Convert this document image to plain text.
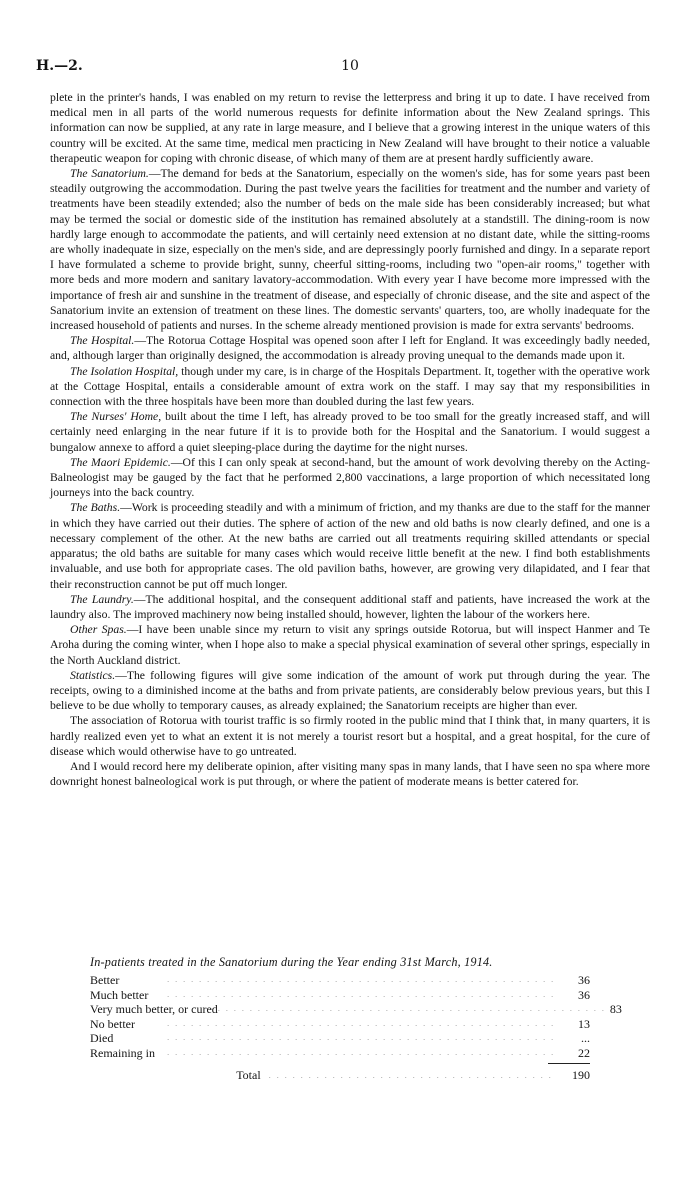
H.—2.	10

plete in the printer's hands, I was enabled on my return to revise the letterpress and bring it up to date. I have received from medical men in all parts of the world numerous requests for definite information about the New Zealand springs. This information can now be supplied, at any rate in large measure, and I believe that a growing interest in the unique waters of this country will be excited. At the same time, medical men practicing in New Zealand will have brought to their notice a valuable therapeutic weapon for coping with chronic disease, of which many of them are at present hardly sufficiently aware.

The Sanatorium.—The demand for beds at the Sanatorium, especially on the women's side, has for some years past been steadily outgrowing the accommodation. During the past twelve years the facilities for treatment and the number and variety of treatments have been steadily extended; also the number of beds on the male side has been considerably increased; but what may be termed the social or domestic side of the institution has remained absolutely at a standstill. The dining-room is now hardly large enough to accommodate the patients, and will certainly need extension at no distant date, while the sitting-rooms are wholly inadequate in size, especially on the men's side, and are depressingly poorly furnished and dingy. In a separate report I have formulated a scheme to provide bright, sunny, cheerful sitting-rooms, including two "open-air rooms," together with more beds and more modern and sanitary lavatory-accommodation. With every year I have become more impressed with the importance of fresh air and sunshine in the treatment of disease, and especially of chronic disease, and the site and aspect of the Sanatorium invite an extension of treatment on these lines. The domestic servants' quarters, too, are wholly inadequate for the increased household of patients and nurses. In the scheme already mentioned provision is made for extra servants' bedrooms.

The Hospital.—The Rotorua Cottage Hospital was opened soon after I left for England. It was exceedingly badly needed, and, although larger than originally designed, the accommodation is already proving unequal to the demands made upon it.

The Isolation Hospital, though under my care, is in charge of the Hospitals Department. It, together with the operative work at the Cottage Hospital, entails a considerable amount of extra work on the staff. I may say that my responsibilities in connection with the three hospitals have been more than doubled during the last few years.

The Nurses' Home, built about the time I left, has already proved to be too small for the greatly increased staff, and will certainly need enlarging in the near future if it is to provide both for the Hospital and the Sanatorium. I would suggest a bungalow annexe to afford a quiet sleeping-place during the daytime for the night nurses.

The Maori Epidemic.—Of this I can only speak at second-hand, but the amount of work devolving thereby on the Acting-Balneologist may be gauged by the fact that he performed 2,800 vaccinations, a large proportion of which necessitated long journeys into the back country.

The Baths.—Work is proceeding steadily and with a minimum of friction, and my thanks are due to the staff for the manner in which they have carried out their duties. The sphere of action of the new and old baths is now clearly defined, and one is a necessary complement of the other. At the new baths are carried out all treatments requiring skilled attendants or special apparatus; the old baths are suitable for many cases which would receive little benefit at the new. I find both establishments invaluable, and use both for appropriate cases. The old pavilion baths, however, are growing very dilapidated, and I fear that their reconstruction cannot be put off much longer.

The Laundry.—The additional hospital, and the consequent additional staff and patients, have increased the work at the laundry also. The improved machinery now being installed should, however, lighten the labour of the workers here.

Other Spas.—I have been unable since my return to visit any springs outside Rotorua, but will inspect Hanmer and Te Aroha during the coming winter, when I hope also to make a special physical examination of several other springs, especially in the North Auckland district.

Statistics.—The following figures will give some indication of the amount of work put through during the year. The receipts, owing to a diminished income at the baths and from private patients, are considerably below previous years, but this I believe to be due wholly to temporary causes, as already explained; the Sanatorium receipts are higher than ever.

The association of Rotorua with tourist traffic is so firmly rooted in the public mind that I think that, in many quarters, it is hardly realized even yet to what an extent it is not merely a tourist resort but a hospital, and a great hospital, for the cure of disease which would otherwise have to go untreated.

And I would record here my deliberate opinion, after visiting many spas in many lands, that I have seen no spa where more downright honest balneological work is put through, or where the patient of moderate means is better catered for.

In-patients treated in the Sanatorium during the Year ending 31st March, 1914.
Better	.................................................	36
Much better	.................................................	36
Very much better, or cured ................................................. 83
No better	.................................................	13
Died	.................................................	...
Remaining in	.................................................	22
Total	....................................	190
